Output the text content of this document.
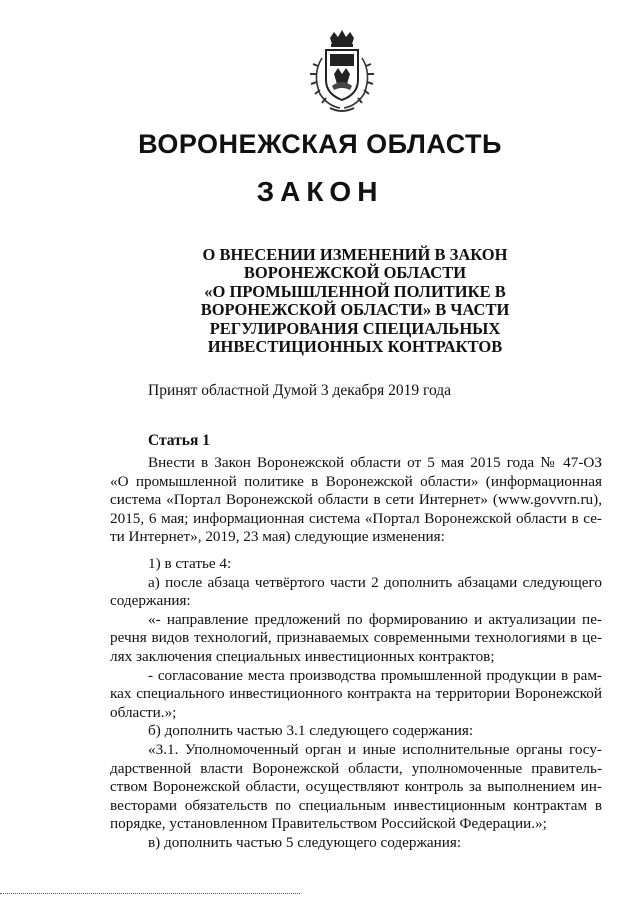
ВОРОНЕЖСКАЯ ОБЛАСТЬ
ЗАКОН
О ВНЕСЕНИИ ИЗМЕНЕНИЙ В ЗАКОН
ВОРОНЕЖСКОЙ ОБЛАСТИ
«О ПРОМЫШЛЕННОЙ ПОЛИТИКЕ В
ВОРОНЕЖСКОЙ ОБЛАСТИ» В ЧАСТИ
РЕГУЛИРОВАНИЯ СПЕЦИАЛЬНЫХ
ИНВЕСТИЦИОННЫХ КОНТРАКТОВ
Принят областной Думой 3 декабря 2019 года
Статья 1
Внести в Закон Воронежской области от 5 мая 2015 года № 47-ОЗ
«О промышленной политике в Воронежской области» (информационная
система «Портал Воронежской области в сети Интернет» (www.govvrn.ru),
2015, 6 мая; информационная система «Портал Воронежской области в се-
ти Интернет», 2019, 23 мая) следующие изменения:
1) в статье 4:
а) после абзаца четвёртого части 2 дополнить абзацами следующего
содержания:
«- направление предложений по формированию и актуализации пе-
речня видов технологий, признаваемых современными технологиями в це-
лях заключения специальных инвестиционных контрактов;
- согласование места производства промышленной продукции в рам-
ках специального инвестиционного контракта на территории Воронежской
области.»;
б) дополнить частью 3.1 следующего содержания:
«3.1. Уполномоченный орган и иные исполнительные органы госу-
дарственной власти Воронежской области, уполномоченные правитель-
ством Воронежской области, осуществляют контроль за выполнением ин-
весторами обязательств по специальным инвестиционным контрактам в
порядке, установленном Правительством Российской Федерации.»;
в) дополнить частью 5 следующего содержания:
